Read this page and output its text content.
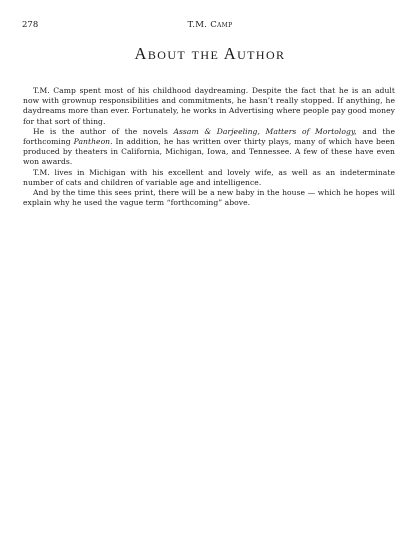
278	T.M. Camp
About the Author

T.M. Camp spent most of his childhood daydreaming. Despite the fact that he is an adult now with grownup responsibilities and commitments, he hasn’t really stopped. If anything, he daydreams more than ever. Fortunately, he works in Advertising where people pay good money for that sort of thing.

He is the author of the novels Assam & Darjeeling, Matters of Mortology, and the forthcoming Pantheon. In addition, he has written over thirty plays, many of which have been produced by theaters in California, Michigan, Iowa, and Tennessee. A few of these have even won awards.

T.M. lives in Michigan with his excellent and lovely wife, as well as an indeterminate number of cats and children of variable age and intelligence.

And by the time this sees print, there will be a new baby in the house — which he hopes will explain why he used the vague term “forthcoming” above.
